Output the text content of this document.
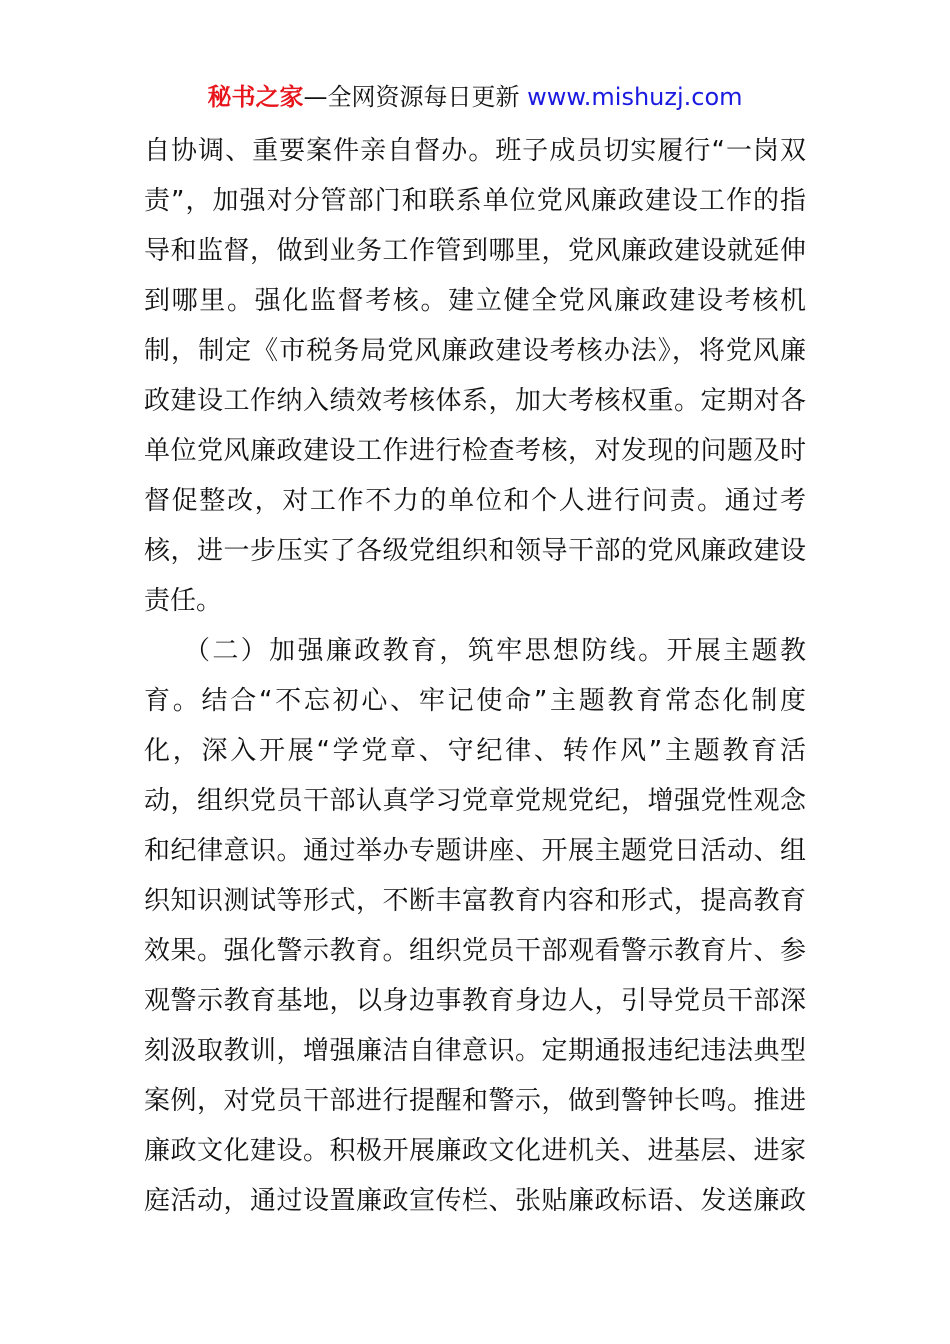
秘书之家—全网资源每日更新 www.mishuzj.com
自协调、重要案件亲自督办。班子成员切实履行“一岗双
责”，加强对分管部门和联系单位党风廉政建设工作的指
导和监督，做到业务工作管到哪里，党风廉政建设就延伸
到哪里。强化监督考核。建立健全党风廉政建设考核机
制，制定《市税务局党风廉政建设考核办法》，将党风廉
政建设工作纳入绩效考核体系，加大考核权重。定期对各
单位党风廉政建设工作进行检查考核，对发现的问题及时
督促整改，对工作不力的单位和个人进行问责。通过考
核，进一步压实了各级党组织和领导干部的党风廉政建设
责任。
（二）加强廉政教育，筑牢思想防线。开展主题教
育。结合“不忘初心、牢记使命”主题教育常态化制度
化，深入开展“学党章、守纪律、转作风”主题教育活
动，组织党员干部认真学习党章党规党纪，增强党性观念
和纪律意识。通过举办专题讲座、开展主题党日活动、组
织知识测试等形式，不断丰富教育内容和形式，提高教育
效果。强化警示教育。组织党员干部观看警示教育片、参
观警示教育基地，以身边事教育身边人，引导党员干部深
刻汲取教训，增强廉洁自律意识。定期通报违纪违法典型
案例，对党员干部进行提醒和警示，做到警钟长鸣。推进
廉政文化建设。积极开展廉政文化进机关、进基层、进家
庭活动，通过设置廉政宣传栏、张贴廉政标语、发送廉政
